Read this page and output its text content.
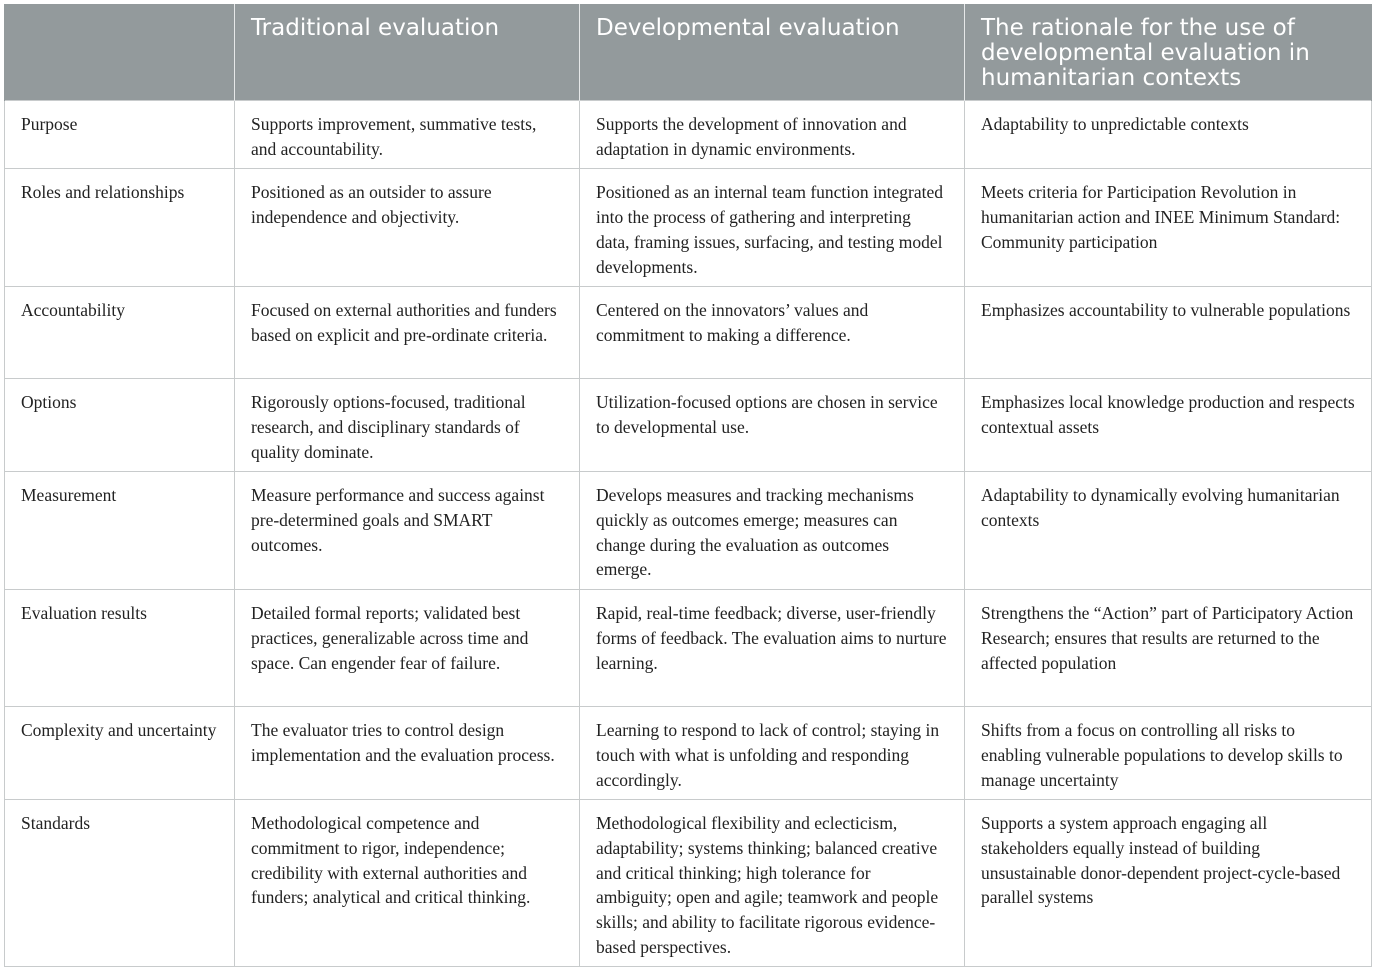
	Traditional evaluation	Developmental evaluation	The rationale for the use of developmental evaluation in humanitarian contexts
Purpose	Supports improvement, summative tests, and accountability.	Supports the development of innovation and adaptation in dynamic environments.	Adaptability to unpredictable contexts
Roles and relationships	Positioned as an outsider to assure independence and objectivity.	Positioned as an internal team function integrated into the process of gathering and interpreting data, framing issues, surfacing, and testing model developments.	Meets criteria for Participation Revolution in humanitarian action and INEE Minimum Standard: Community participation
Accountability	Focused on external authorities and funders based on explicit and pre-ordinate criteria.	Centered on the innovators’ values and commitment to making a difference.	Emphasizes accountability to vulnerable populations
Options	Rigorously options-focused, traditional research, and disciplinary standards of quality dominate.	Utilization-focused options are chosen in service to developmental use.	Emphasizes local knowledge production and respects contextual assets
Measurement	Measure performance and success against pre-determined goals and SMART outcomes.	Develops measures and tracking mechanisms quickly as outcomes emerge; measures can change during the evaluation as outcomes emerge.	Adaptability to dynamically evolving humanitarian contexts
Evaluation results	Detailed formal reports; validated best practices, generalizable across time and space. Can engender fear of failure.	Rapid, real-time feedback; diverse, user-friendly forms of feedback. The evaluation aims to nurture learning.	Strengthens the “Action” part of Participatory Action Research; ensures that results are returned to the affected population
Complexity and uncertainty	The evaluator tries to control design implementation and the evaluation process.	Learning to respond to lack of control; staying in touch with what is unfolding and responding accordingly.	Shifts from a focus on controlling all risks to enabling vulnerable populations to develop skills to manage uncertainty
Standards	Methodological competence and commitment to rigor, independence; credibility with external authorities and funders; analytical and critical thinking.	Methodological flexibility and eclecticism, adaptability; systems thinking; balanced creative and critical thinking; high tolerance for ambiguity; open and agile; teamwork and people skills; and ability to facilitate rigorous evidence-based perspectives.	Supports a system approach engaging all stakeholders equally instead of building unsustainable donor-dependent project-cycle-based parallel systems
